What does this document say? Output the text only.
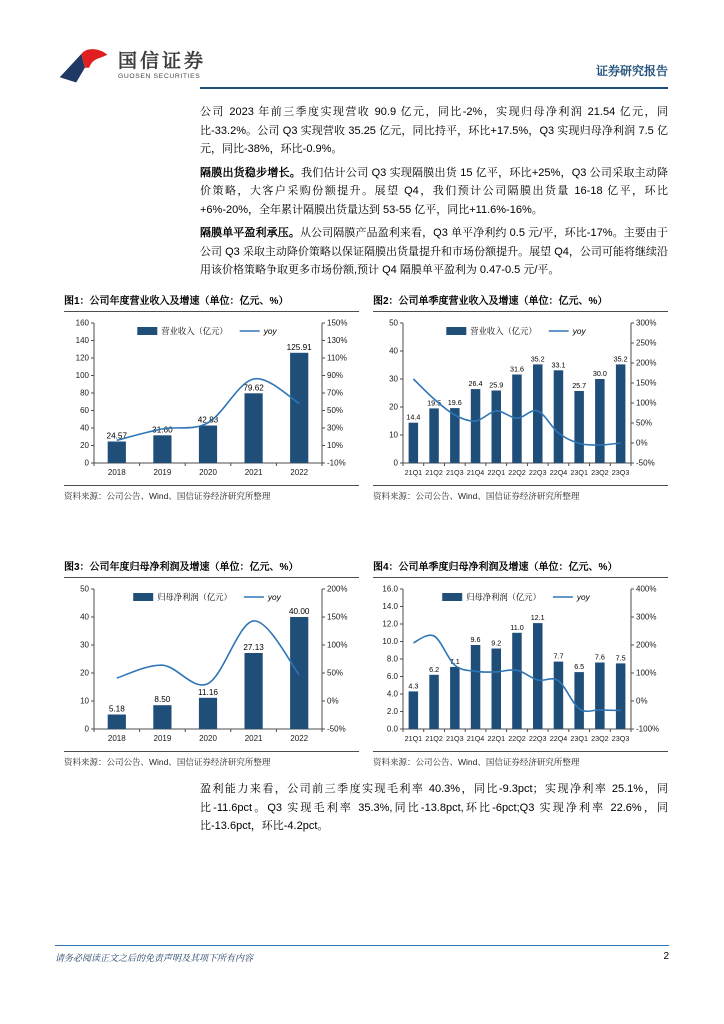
国信证券
GUOSEN SECURITIES	证券研究报告

公司 2023 年前三季度实现营收 90.9 亿元，同比-2%，实现归母净利润 21.54 亿元，同比-33.2%。公司 Q3 实现营收 35.25 亿元，同比持平，环比+17.5%，Q3 实现归母净利润 7.5 亿元，同比-38%，环比-0.9%。

隔膜出货稳步增长。我们估计公司 Q3 实现隔膜出货 15 亿平，环比+25%，Q3 公司采取主动降价策略，大客户采购份额提升。展望 Q4，我们预计公司隔膜出货量 16-18 亿平，环比+6%-20%，全年累计隔膜出货量达到 53-55 亿平，同比+11.6%-16%。

隔膜单平盈利承压。从公司隔膜产品盈利来看，Q3 单平净利约 0.5 元/平，环比-17%。主要由于公司 Q3 采取主动降价策略以保证隔膜出货量提升和市场份额提升。展望 Q4，公司可能将继续沿用该价格策略争取更多市场份额,预计 Q4 隔膜单平盈利为 0.47-0.5 元/平。

图1：公司年度营业收入及增速（单位：亿元、%）
0
20
40
60
80
100
120
140
160
-10%
10%
30%
50%
70%
90%
110%
130%
150%
2018	2019	2020	2021	2022
24.57
31.60
42.83
79.62
125.91
营业收入（亿元）	yoy
资料来源：公司公告、Wind、国信证券经济研究所整理
图2：公司单季度营业收入及增速（单位：亿元、%）
0
10
20
30
40
50
-50%
0%
50%
100%
150%
200%
250%
300%
21Q1 21Q2 21Q3 21Q4 22Q1 22Q2 22Q3 22Q4 23Q1 23Q2 23Q3
14.4
19.5 19.6
26.4 25.9
31.6
35.2
33.1
25.7
30.0
35.2
营业收入（亿元）	yoy
资料来源：公司公告、Wind、国信证券经济研究所整理
图3：公司年度归母净利润及增速（单位：亿元、%）
0
10
20
30
40
50
-50%
0%
50%
100%
150%
200%
2018	2019	2020	2021	2022
5.18
8.50
11.16
27.13
40.00
归母净利润（亿元）	yoy
资料来源：公司公告、Wind、国信证券经济研究所整理
图4：公司单季度归母净利润及增速（单位：亿元、%）
0.0
2.0
4.0
6.0
8.0
10.0
12.0
14.0
16.0
-100%
0%
100%
200%
300%
400%
21Q1 21Q2 21Q3 21Q4 22Q1 22Q2 22Q3 22Q4 23Q1 23Q2 23Q3
4.3
6.2
7.1
9.6 9.2
11.0
12.1
7.7
6.5
7.6 7.5
归母净利润（亿元）	yoy
资料来源：公司公告、Wind、国信证券经济研究所整理
盈利能力来看，公司前三季度实现毛利率 40.3%，同比-9.3pct；实现净利率 25.1%，同比-11.6pct。Q3 实现毛利率 35.3%,同比-13.8pct,环比-6pct;Q3 实现净利率 22.6%，同比-13.6pct，环比-4.2pct。
请务必阅读正文之后的免责声明及其项下所有内容	2
